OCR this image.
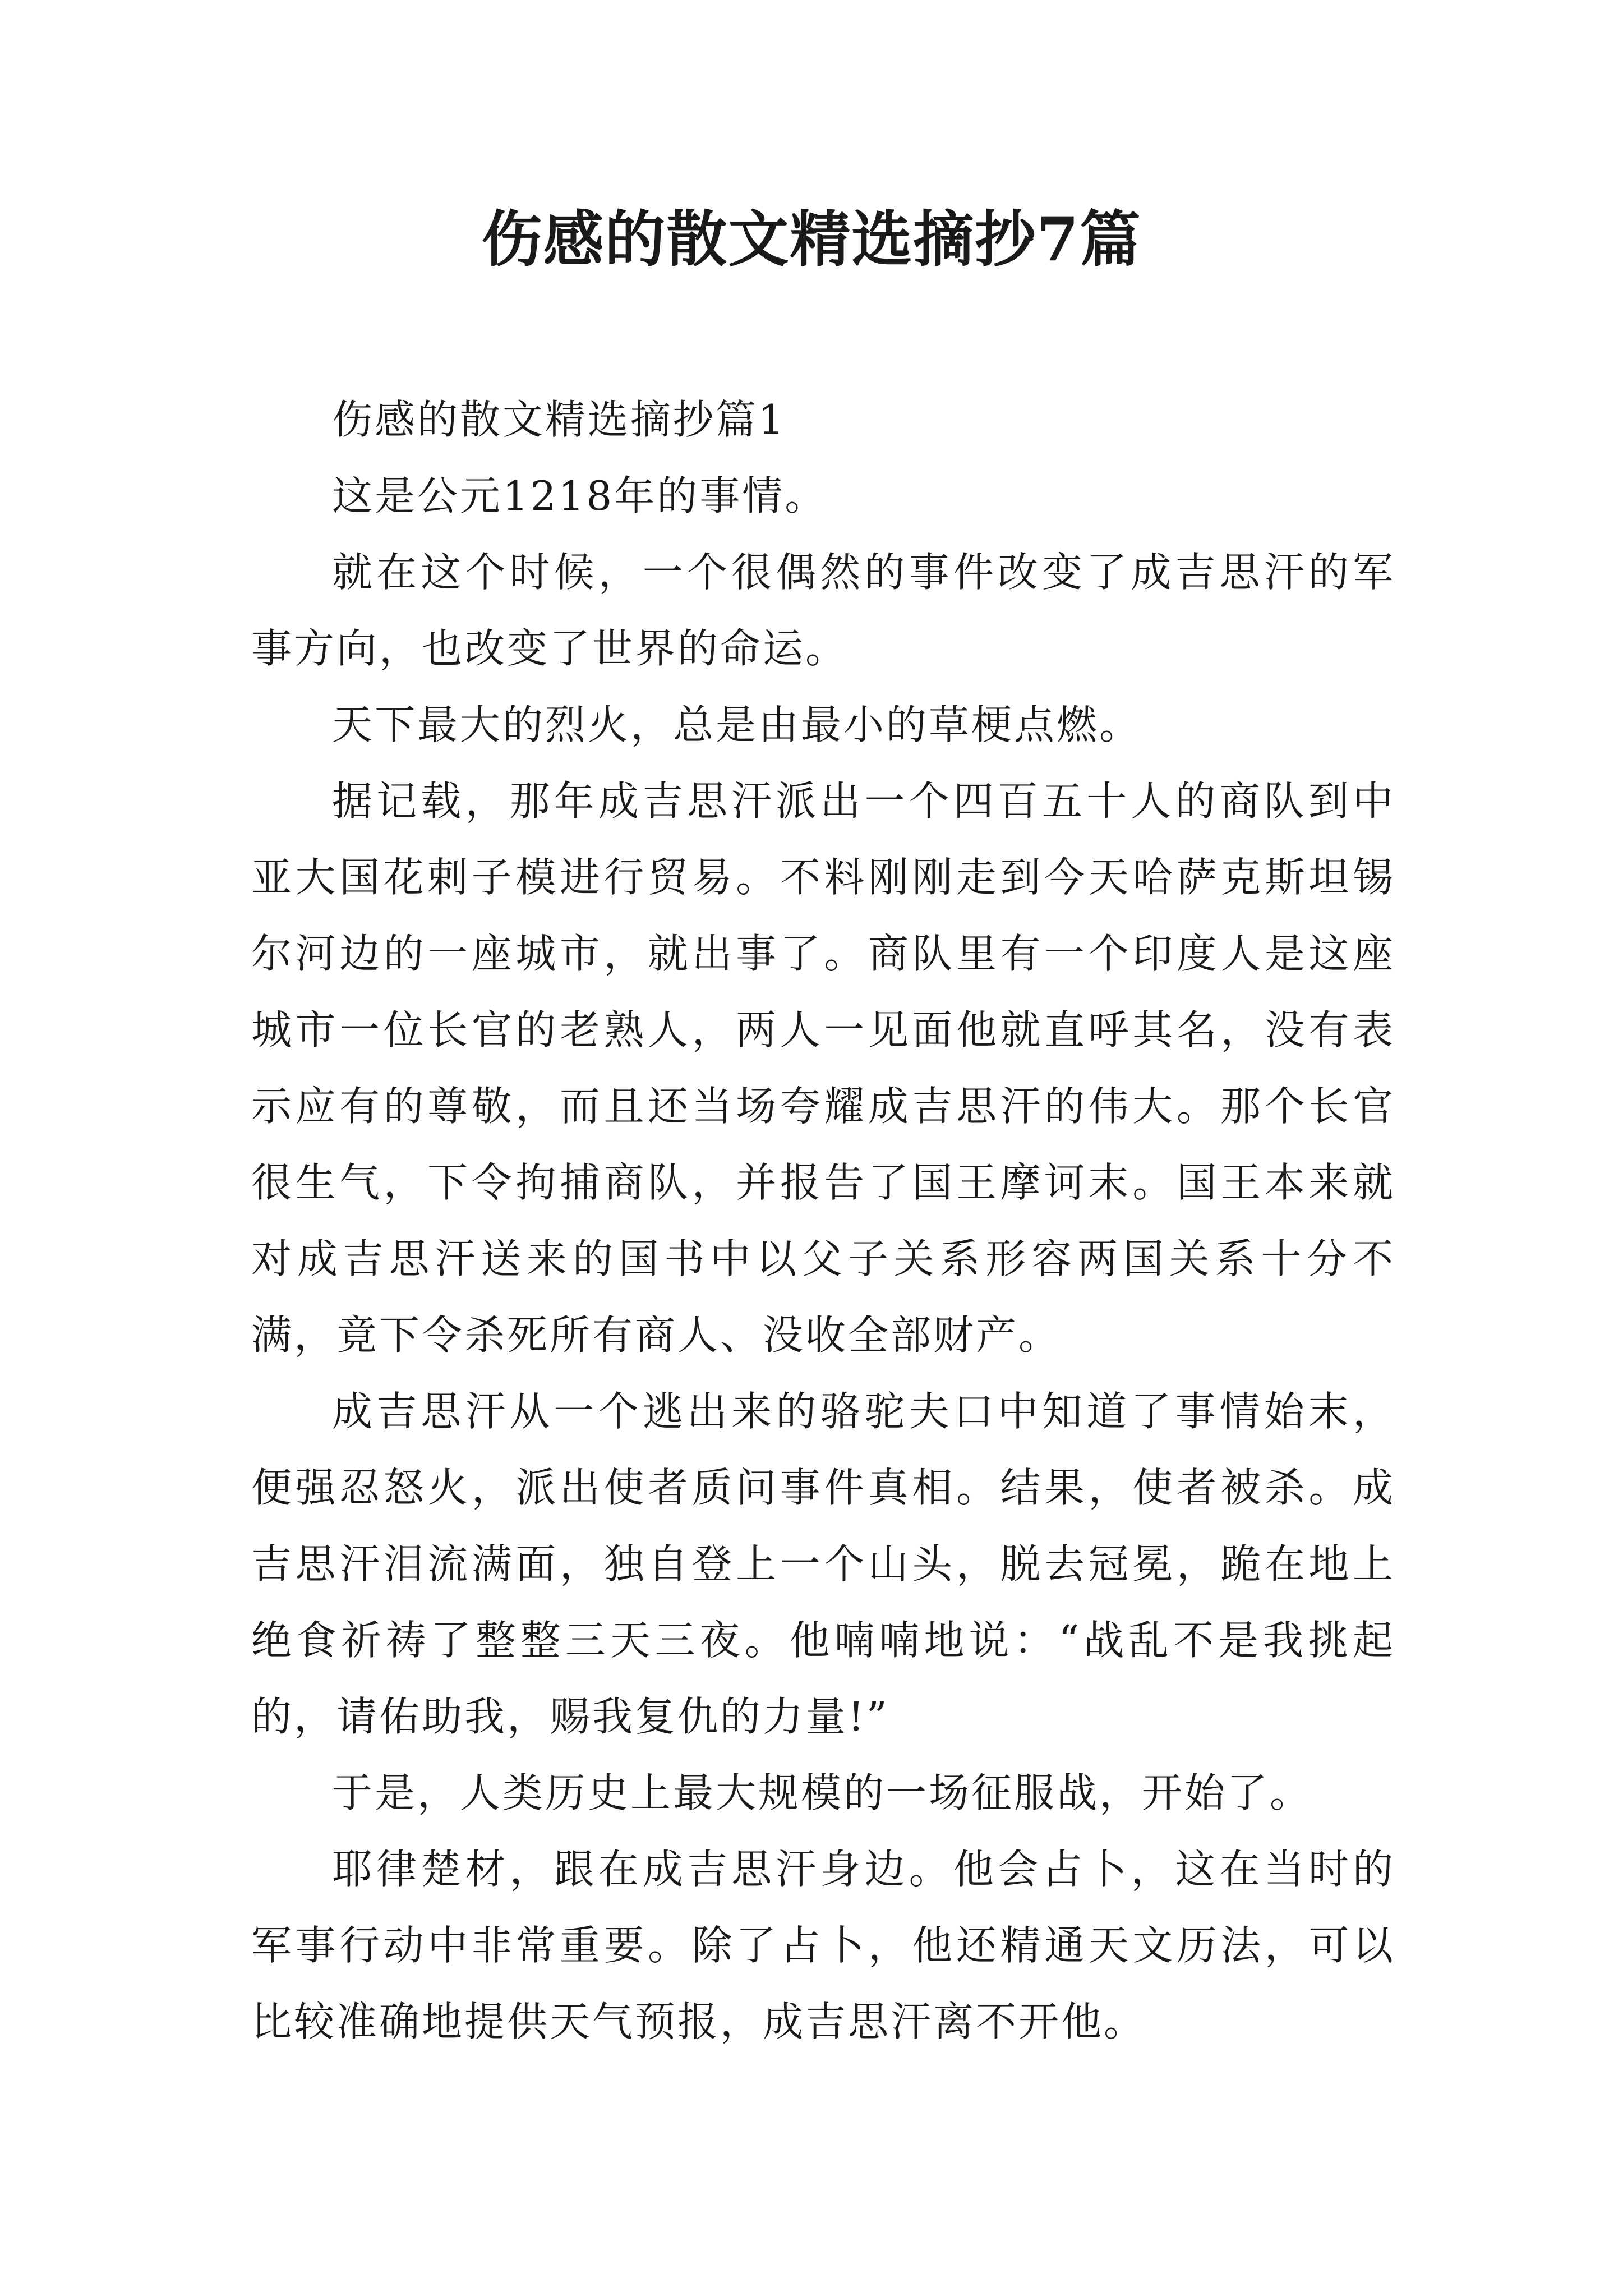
伤感的散文精选摘抄7篇

伤感的散文精选摘抄篇1

这是公元1218年的事情。

就在这个时候，一个很偶然的事件改变了成吉思汗的军事方向，也改变了世界的命运。

天下最大的烈火，总是由最小的草梗点燃。

据记载，那年成吉思汗派出一个四百五十人的商队到中亚大国花剌子模进行贸易。不料刚刚走到今天哈萨克斯坦锡尔河边的一座城市，就出事了。商队里有一个印度人是这座城市一位长官的老熟人，两人一见面他就直呼其名，没有表示应有的尊敬，而且还当场夸耀成吉思汗的伟大。那个长官很生气，下令拘捕商队，并报告了国王摩诃末。国王本来就对成吉思汗送来的国书中以父子关系形容两国关系十分不满，竟下令杀死所有商人、没收全部财产。

成吉思汗从一个逃出来的骆驼夫口中知道了事情始末，便强忍怒火，派出使者质问事件真相。结果，使者被杀。成吉思汗泪流满面，独自登上一个山头，脱去冠冕，跪在地上绝食祈祷了整整三天三夜。他喃喃地说：“战乱不是我挑起的，请佑助我，赐我复仇的力量!”

于是，人类历史上最大规模的一场征服战，开始了。

耶律楚材，跟在成吉思汗身边。他会占卜，这在当时的军事行动中非常重要。除了占卜，他还精通天文历法，可以比较准确地提供天气预报，成吉思汗离不开他。
